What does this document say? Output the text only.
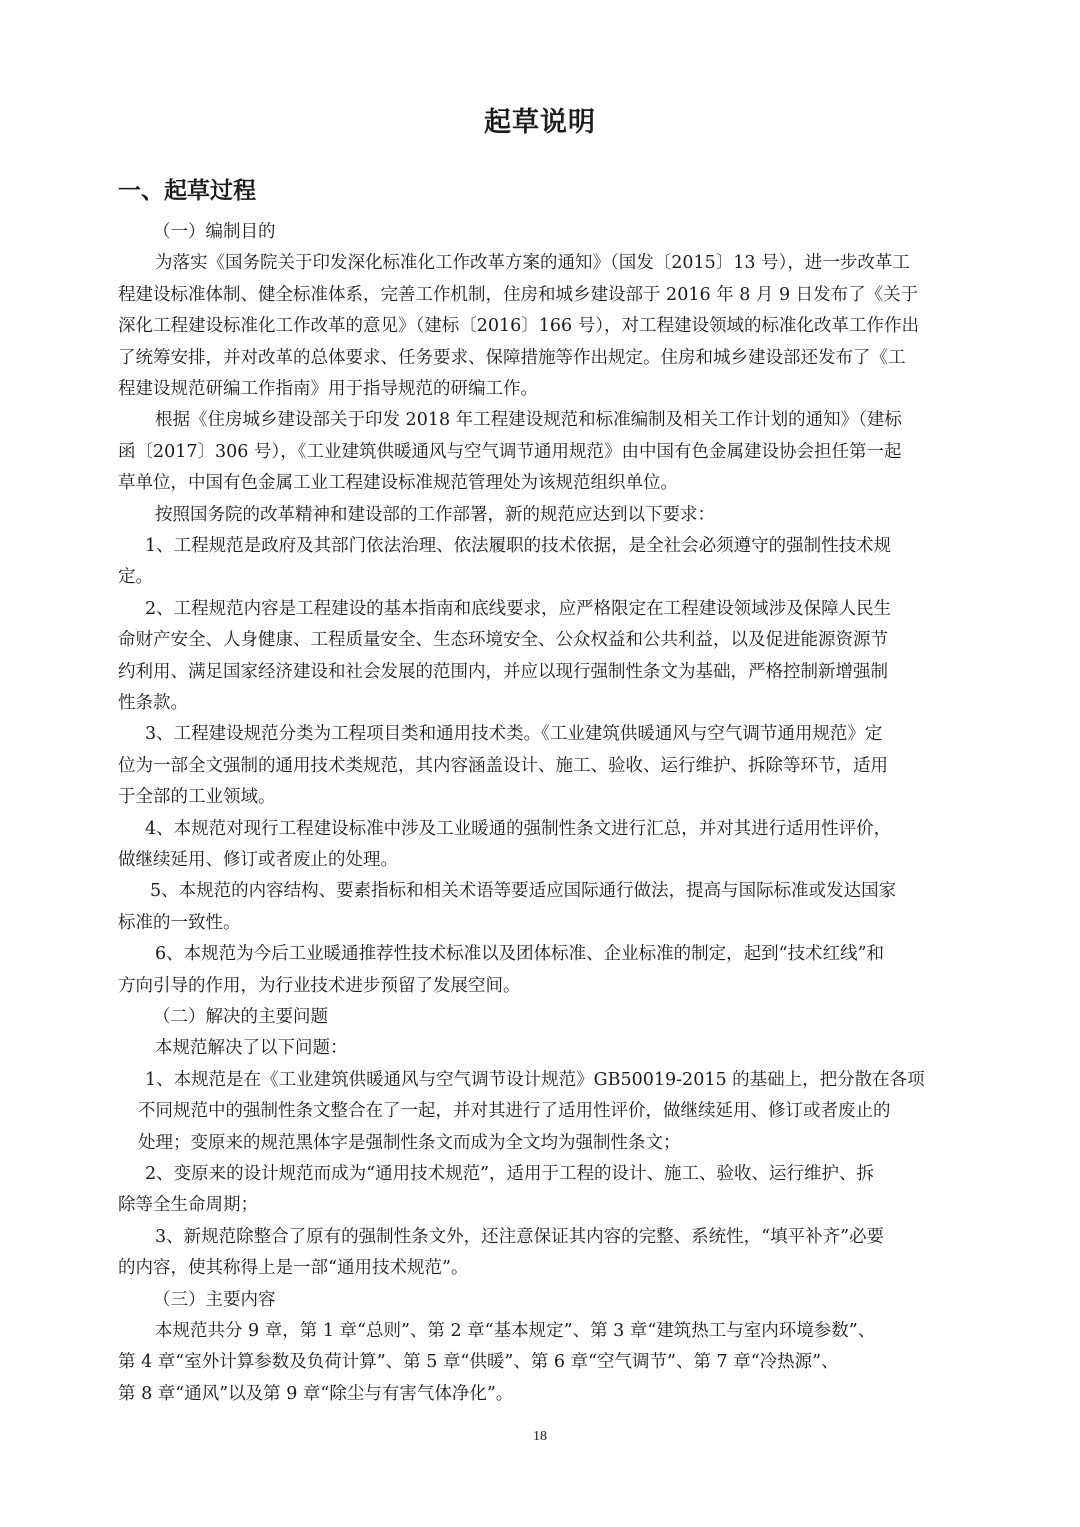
起草说明
一、起草过程
（一）编制目的
为落实《国务院关于印发深化标准化工作改革方案的通知》（国发〔2015〕13 号），进一步改革工
程建设标准体制、健全标准体系，完善工作机制，住房和城乡建设部于 2016 年 8 月 9 日发布了《关于
深化工程建设标准化工作改革的意见》（建标〔2016〕166 号），对工程建设领域的标准化改革工作作出
了统筹安排，并对改革的总体要求、任务要求、保障措施等作出规定。住房和城乡建设部还发布了《工
程建设规范研编工作指南》用于指导规范的研编工作。
根据《住房城乡建设部关于印发 2018 年工程建设规范和标准编制及相关工作计划的通知》（建标
函〔2017〕306 号），《工业建筑供暖通风与空气调节通用规范》由中国有色金属建设协会担任第一起
草单位，中国有色金属工业工程建设标准规范管理处为该规范组织单位。
按照国务院的改革精神和建设部的工作部署，新的规范应达到以下要求：
1、工程规范是政府及其部门依法治理、依法履职的技术依据，是全社会必须遵守的强制性技术规
定。
2、工程规范内容是工程建设的基本指南和底线要求，应严格限定在工程建设领域涉及保障人民生
命财产安全、人身健康、工程质量安全、生态环境安全、公众权益和公共利益，以及促进能源资源节
约利用、满足国家经济建设和社会发展的范围内，并应以现行强制性条文为基础，严格控制新增强制
性条款。
3、工程建设规范分类为工程项目类和通用技术类。《工业建筑供暖通风与空气调节通用规范》定
位为一部全文强制的通用技术类规范，其内容涵盖设计、施工、验收、运行维护、拆除等环节，适用
于全部的工业领域。
4、本规范对现行工程建设标准中涉及工业暖通的强制性条文进行汇总，并对其进行适用性评价，
做继续延用、修订或者废止的处理。
5、本规范的内容结构、要素指标和相关术语等要适应国际通行做法，提高与国际标准或发达国家
标准的一致性。
6、本规范为今后工业暖通推荐性技术标准以及团体标准、企业标准的制定，起到“技术红线”和
方向引导的作用，为行业技术进步预留了发展空间。
（二）解决的主要问题
本规范解决了以下问题：
1、本规范是在《工业建筑供暖通风与空气调节设计规范》GB50019-2015 的基础上，把分散在各项
不同规范中的强制性条文整合在了一起，并对其进行了适用性评价，做继续延用、修订或者废止的
处理；变原来的规范黑体字是强制性条文而成为全文均为强制性条文；
2、变原来的设计规范而成为“通用技术规范”，适用于工程的设计、施工、验收、运行维护、拆
除等全生命周期；
3、新规范除整合了原有的强制性条文外，还注意保证其内容的完整、系统性，“填平补齐”必要
的内容，使其称得上是一部“通用技术规范”。
（三）主要内容
本规范共分 9 章，第 1 章“总则”、第 2 章“基本规定”、第 3 章“建筑热工与室内环境参数”、
第 4 章“室外计算参数及负荷计算”、第 5 章“供暖”、第 6 章“空气调节”、第 7 章“冷热源”、
第 8 章“通风”以及第 9 章“除尘与有害气体净化”。
18
